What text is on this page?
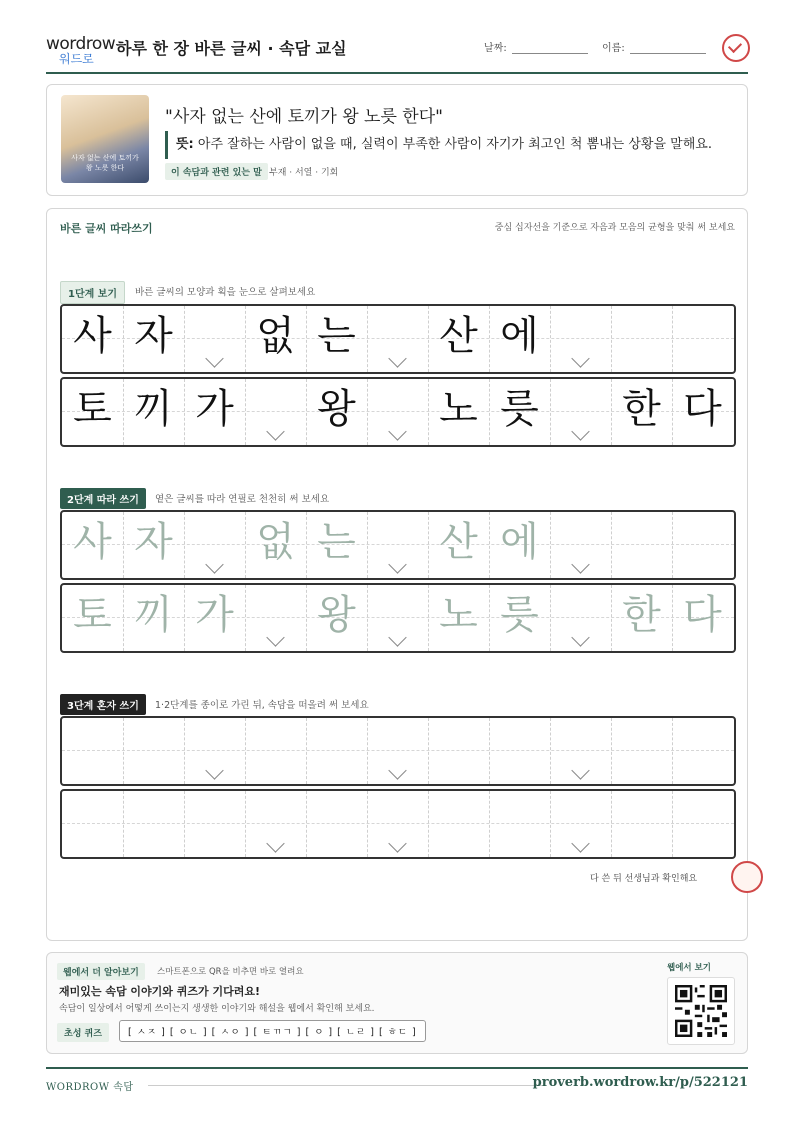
wordrow
워드로
하루 한 장 바른 글씨 · 속담 교실	날짜:	이름:
사자 없는 산에 토끼가 왕 노릇 한다
"사자 없는 산에 토끼가 왕 노릇 한다"
뜻: 아주 잘하는 사람이 없을 때, 실력이 부족한 사람이 자기가 최고인 척 뽐내는 상황을 말해요.
이 속담과 관련 있는 말 부재 · 서열 · 기회
바른 글씨 따라쓰기	중심 십자선을 기준으로 자음과 모음의 균형을 맞춰 써 보세요
1단계 보기	바른 글씨의 모양과 획을 눈으로 살펴보세요
사 자 없 는 산 에
토 끼 가 왕 노 릇 한 다
2단계 따라 쓰기	옅은 글씨를 따라 연필로 천천히 써 보세요
사 자 없 는 산 에
토 끼 가 왕 노 릇 한 다
3단계 혼자 쓰기	1·2단계를 종이로 가린 뒤, 속담을 떠올려 써 보세요
다 쓴 뒤 선생님과 확인해요
웹에서 더 알아보기	스마트폰으로 QR을 비추면 바로 열려요
재미있는 속담 이야기와 퀴즈가 기다려요!
속담이 일상에서 어떻게 쓰이는지 생생한 이야기와 해설을 웹에서 확인해 보세요.
초성 퀴즈	[ ㅅㅈ ] [ ㅇㄴ ] [ ㅅㅇ ] [ ㅌㄲㄱ ] [ ㅇ ] [ ㄴㄹ ] [ ㅎㄷ ]
웹에서 보기
WORDROW 속담	proverb.wordrow.kr/p/522121
